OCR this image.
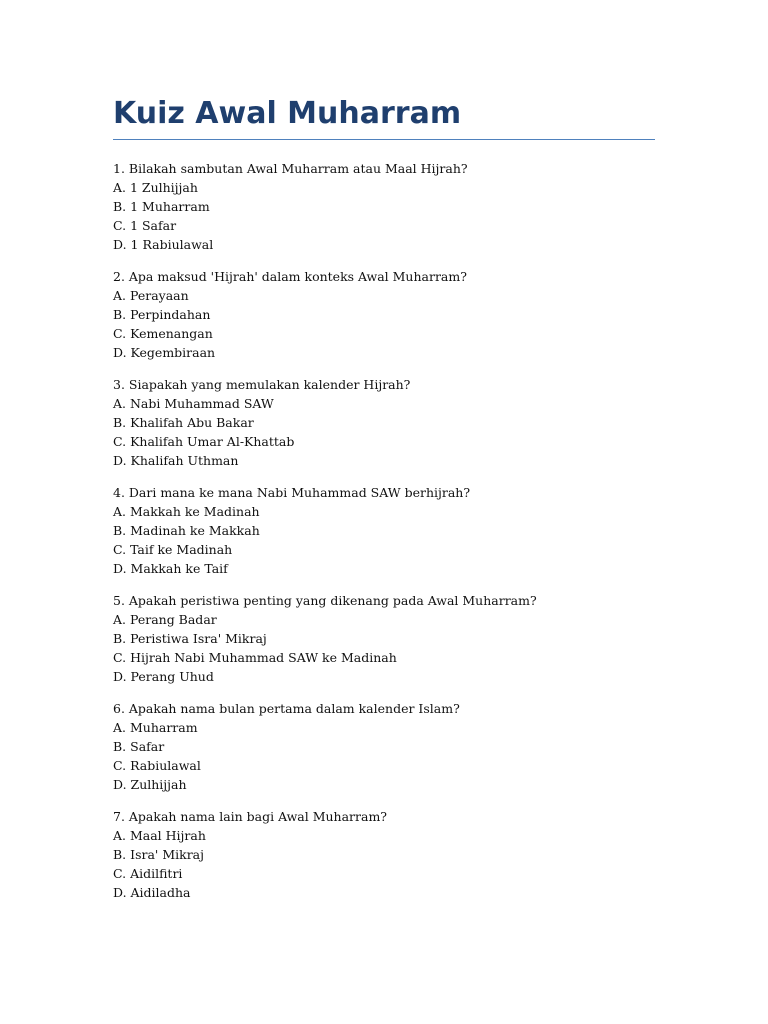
Kuiz Awal Muharram
1. Bilakah sambutan Awal Muharram atau Maal Hijrah?
A. 1 Zulhijjah
B. 1 Muharram
C. 1 Safar
D. 1 Rabiulawal
2. Apa maksud 'Hijrah' dalam konteks Awal Muharram?
A. Perayaan
B. Perpindahan
C. Kemenangan
D. Kegembiraan
3. Siapakah yang memulakan kalender Hijrah?
A. Nabi Muhammad SAW
B. Khalifah Abu Bakar
C. Khalifah Umar Al-Khattab
D. Khalifah Uthman
4. Dari mana ke mana Nabi Muhammad SAW berhijrah?
A. Makkah ke Madinah
B. Madinah ke Makkah
C. Taif ke Madinah
D. Makkah ke Taif
5. Apakah peristiwa penting yang dikenang pada Awal Muharram?
A. Perang Badar
B. Peristiwa Isra' Mikraj
C. Hijrah Nabi Muhammad SAW ke Madinah
D. Perang Uhud
6. Apakah nama bulan pertama dalam kalender Islam?
A. Muharram
B. Safar
C. Rabiulawal
D. Zulhijjah
7. Apakah nama lain bagi Awal Muharram?
A. Maal Hijrah
B. Isra' Mikraj
C. Aidilfitri
D. Aidiladha
